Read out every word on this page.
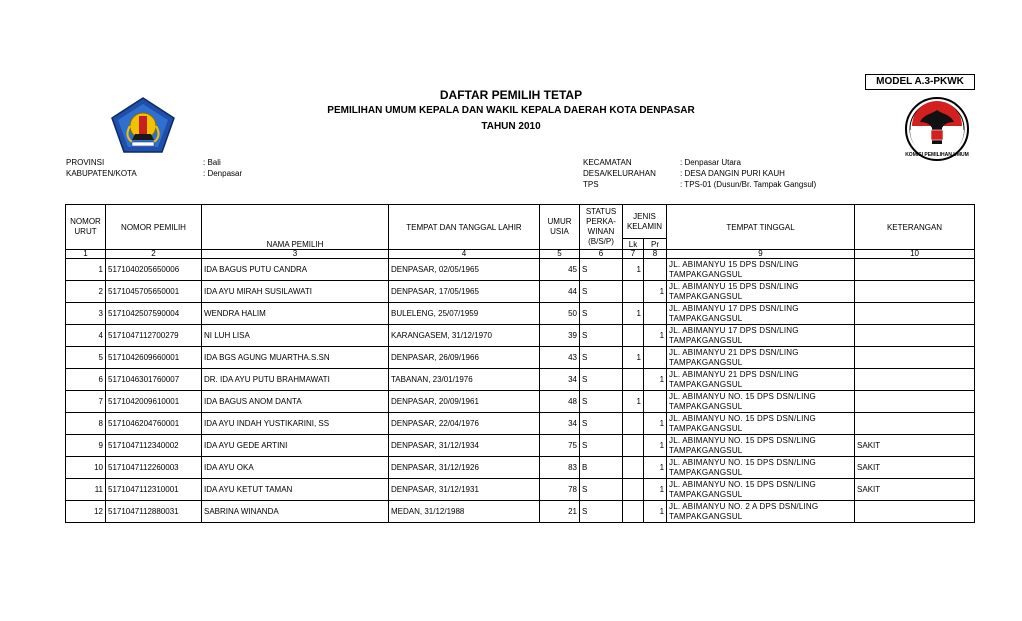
MODEL A.3-PKWK
DAFTAR PEMILIH TETAP
PEMILIHAN UMUM KEPALA DAN WAKIL KEPALA DAERAH KOTA DENPASAR
TAHUN 2010
KOMISI PEMILIHAN UMUM
PROVINSI	: Bali
KABUPATEN/KOTA	: Denpasar
KECAMATAN	: Denpasar Utara
DESA/KELURAHAN	: DESA DANGIN PURI KAUH
TPS	: TPS-01 (Dusun/Br. Tampak Gangsul)
NOMOR URUT	NOMOR PEMILIH	NAMA PEMILIH	TEMPAT DAN TANGGAL LAHIR	UMUR USIA	STATUS PERKA-WINAN (B/S/P)	JENIS KELAMIN		TEMPAT TINGGAL	KETERANGAN
						Lk	Pr		
1	2	3	4	5	6	7	8	9	10
1	5171040205650006	IDA BAGUS PUTU CANDRA	DENPASAR, 02/05/1965	45	S	1		JL. ABIMANYU 15 DPS DSN/LING TAMPAKGANGSUL	
2	5171045705650001	IDA AYU MIRAH SUSILAWATI	DENPASAR, 17/05/1965	44	S		1	JL. ABIMANYU 15 DPS DSN/LING TAMPAKGANGSUL	
3	5171042507590004	WENDRA HALIM	BULELENG, 25/07/1959	50	S	1		JL. ABIMANYU 17 DPS DSN/LING TAMPAKGANGSUL	
4	5171047112700279	NI LUH LISA	KARANGASEM, 31/12/1970	39	S		1	JL. ABIMANYU 17 DPS DSN/LING TAMPAKGANGSUL	
5	5171042609660001	IDA BGS AGUNG MUARTHA.S.SN	DENPASAR, 26/09/1966	43	S	1		JL. ABIMANYU 21 DPS DSN/LING TAMPAKGANGSUL	
6	5171046301760007	DR. IDA AYU PUTU BRAHMAWATI	TABANAN, 23/01/1976	34	S		1	JL. ABIMANYU 21 DPS DSN/LING TAMPAKGANGSUL	
7	5171042009610001	IDA BAGUS ANOM DANTA	DENPASAR, 20/09/1961	48	S	1		JL. ABIMANYU NO. 15 DPS DSN/LING TAMPAKGANGSUL	
8	5171046204760001	IDA AYU INDAH YUSTIKARINI, SS	DENPASAR, 22/04/1976	34	S		1	JL. ABIMANYU NO. 15 DPS DSN/LING TAMPAKGANGSUL	
9	5171047112340002	IDA AYU GEDE ARTINI	DENPASAR, 31/12/1934	75	S		1	JL. ABIMANYU NO. 15 DPS DSN/LING TAMPAKGANGSUL	SAKIT
10	5171047112260003	IDA AYU OKA	DENPASAR, 31/12/1926	83	B		1	JL. ABIMANYU NO. 15 DPS DSN/LING TAMPAKGANGSUL	SAKIT
11	5171047112310001	IDA AYU KETUT TAMAN	DENPASAR, 31/12/1931	78	S		1	JL. ABIMANYU NO. 15 DPS DSN/LING TAMPAKGANGSUL	SAKIT
12	5171047112880031	SABRINA WINANDA	MEDAN, 31/12/1988	21	S		1	JL. ABIMANYU NO. 2 A DPS DSN/LING TAMPAKGANGSUL	
